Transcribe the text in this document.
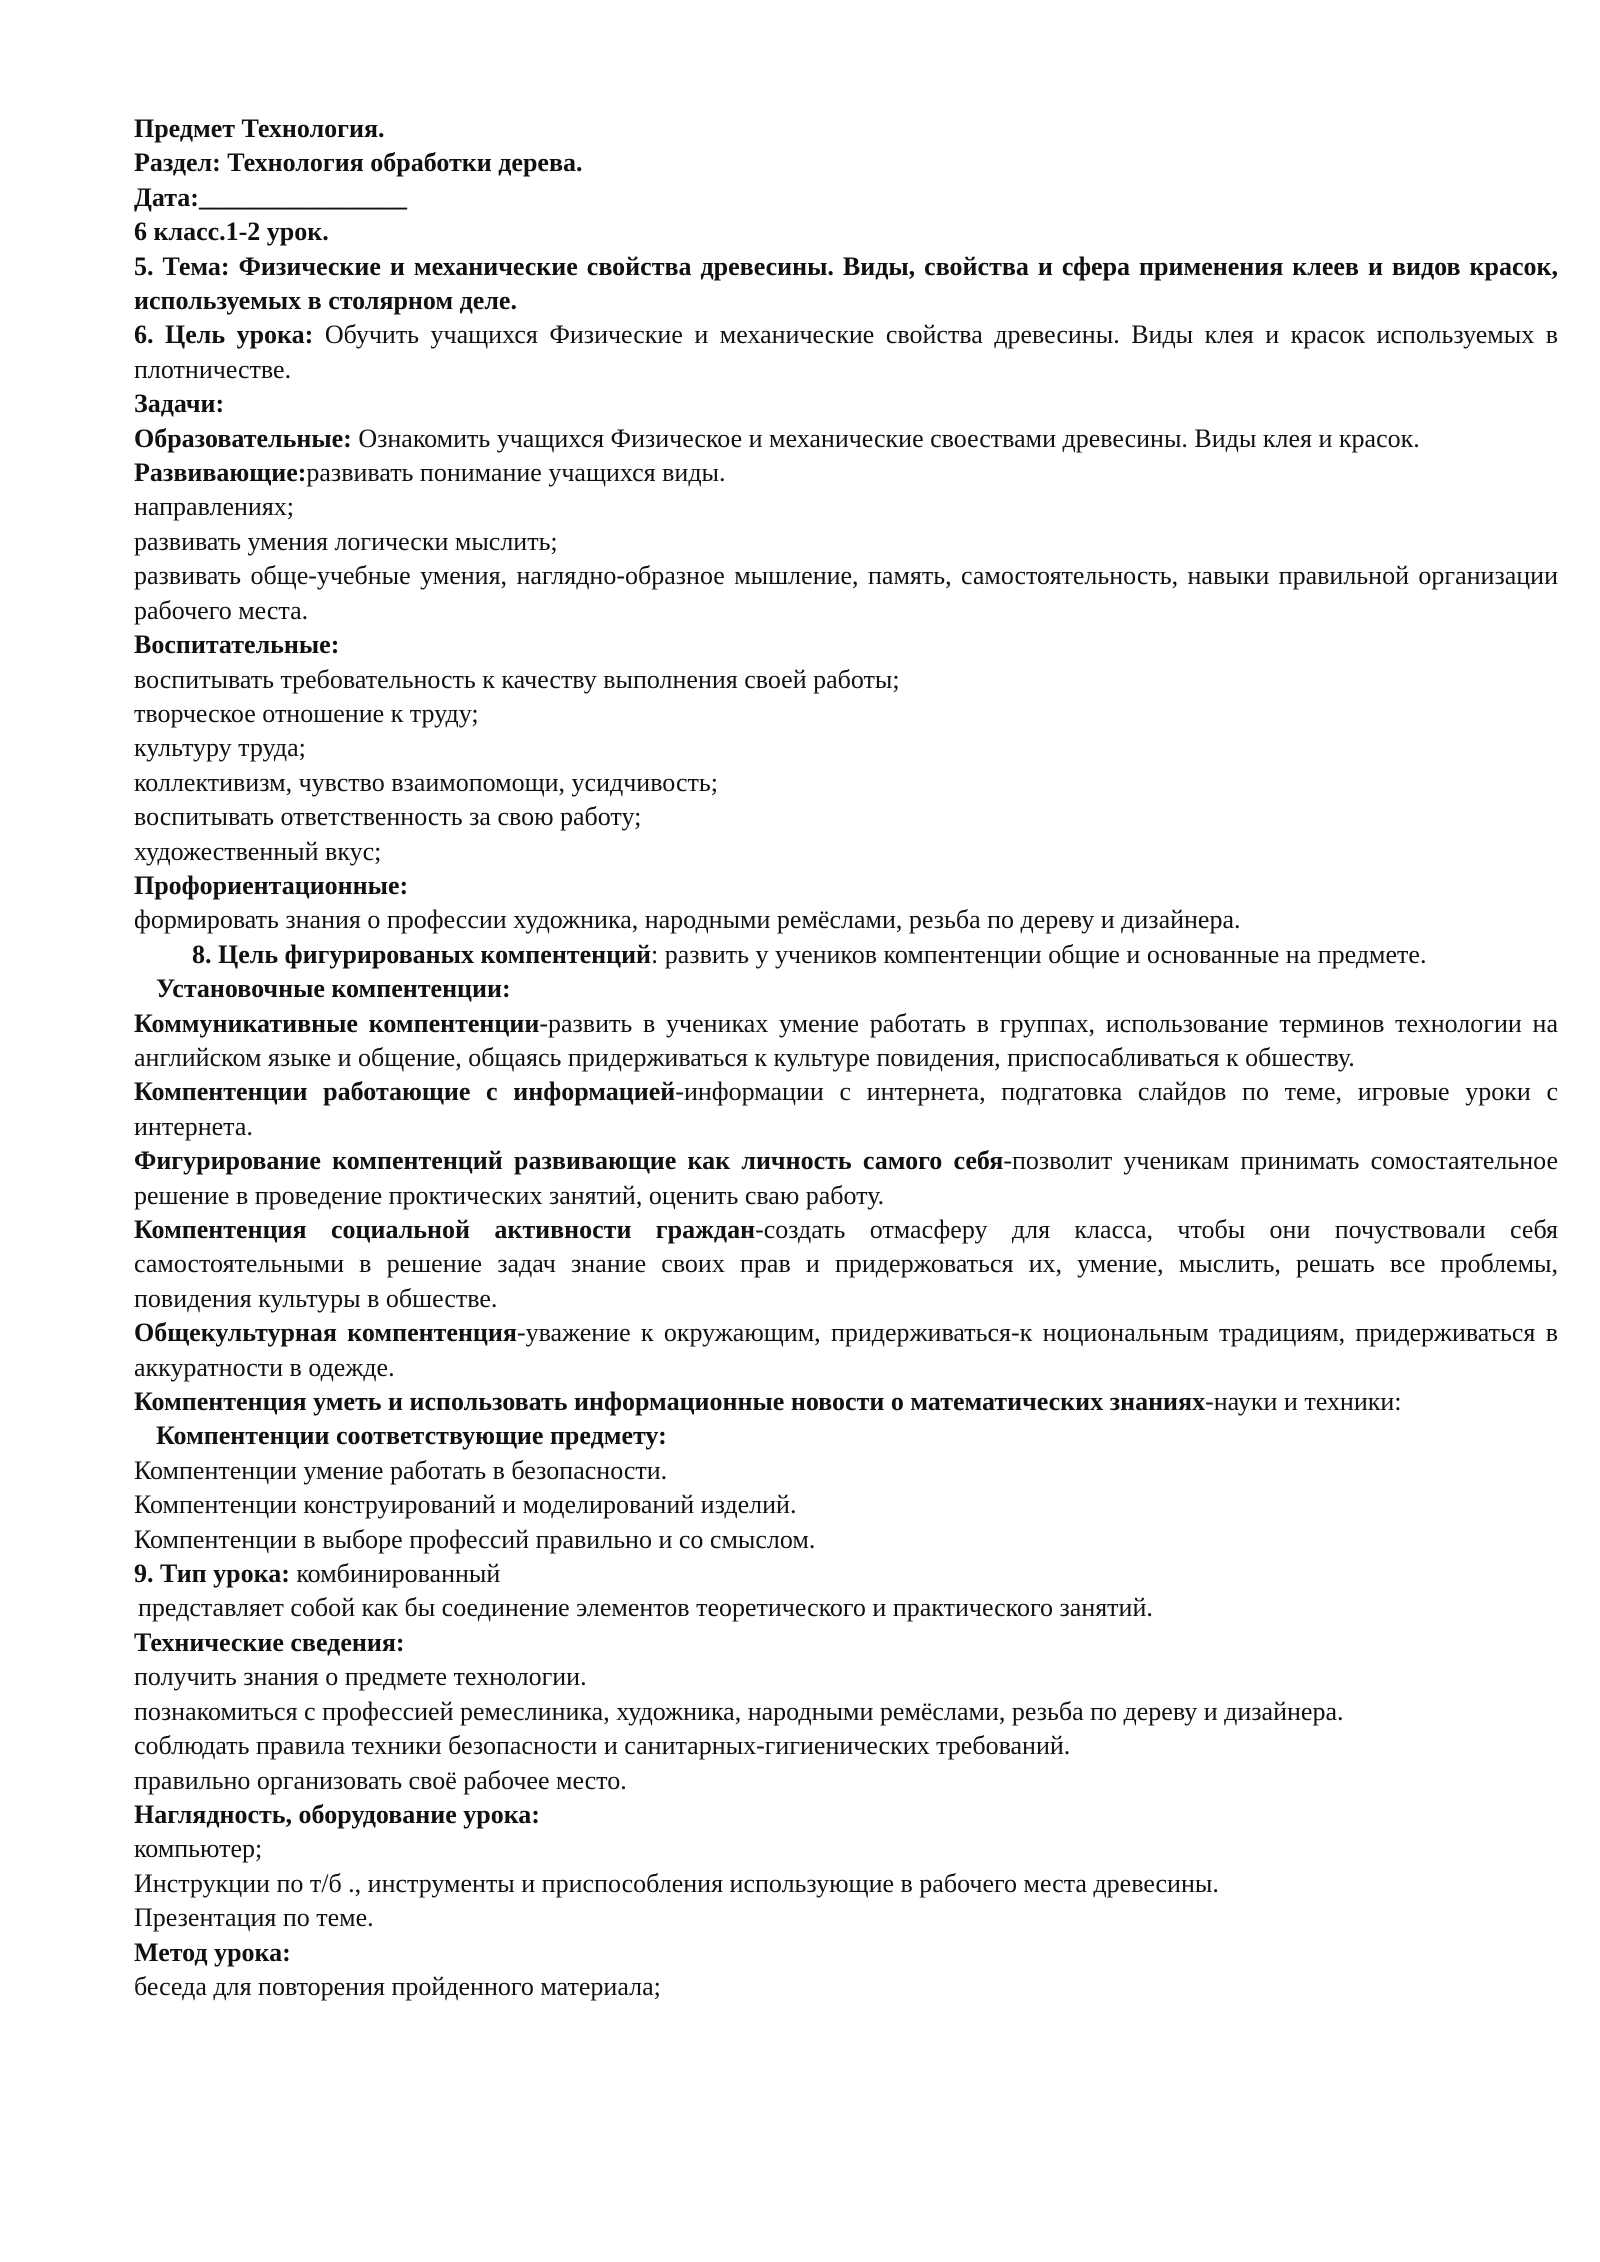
Предмет Технология.

Раздел: Технология обработки дерева.

Дата:________________

6 класс.1-2 урок.

5. Тема: Физические и механические свойства древесины. Виды, свойства и сфера применения клеев и видов красок, используемых в столярном деле.

6. Цель урока: Обучить учащихся Физические и механические свойства древесины. Виды клея и красок используемых в плотничестве.

Задачи:

Образовательные: Ознакомить учащихся Физическое и механические своествами древесины. Виды клея и красок.

Развивающие:развивать понимание учащихся виды.

направлениях;

развивать умения логически мыслить;

развивать обще-учебные умения, наглядно-образное мышление, память, самостоятельность, навыки правильной организации рабочего места.

Воспитательные:

воспитывать требовательность к качеству выполнения своей работы;

творческое отношение к труду;

культуру труда;

коллективизм, чувство взаимопомощи, усидчивость;

воспитывать ответственность за свою работу;

художественный вкус;

Профориентационные:

формировать знания о профессии художника, народными ремёслами, резьба по дереву и дизайнера.

8. Цель фигурированых компентенций: развить у учеников компентенции общие и основанные на предмете.

Установочные компентенции:

Коммуникативные компентенции-развить в учениках умение работать в группах, использование терминов технологии на английском языке и общение, общаясь придерживаться к культуре повидения, приспосабливаться к обшеству.

Компентенции работающие с информацией-информации с интернета, подгатовка слайдов по теме, игровые уроки с интернета.

Фигурирование компентенций развивающие как личность самого себя-позволит ученикам принимать сомостаятельное решение в проведение проктических занятий, оценить сваю работу.

Компентенция социальной активности граждан-создать отмасферу для класса, чтобы они почуствовали себя самостоятельными в решение задач знание своих прав и придержоваться их, умение, мыслить, решать все проблемы, повидения культуры в обшестве.

Общекультурная компентенция-уважение к окружающим, придерживаться-к нoциональным традициям, придерживаться в аккуратности в одежде.

Компентенция уметь и использовать информационные новости о математических знаниях-науки и техники:

Компентенции соответствующие предмету:

Компентенции умение работать в безопасности.

Компентенции конструирований и моделирований изделий.

Компентенции в выборе профессий правильно и со смыслом.

9. Тип урока: комбинированный

представляет собой как бы соединение элементов теоретического и практического занятий.

Технические сведения:

получить знания о предмете технологии.

познакомиться с профессией ремеслиника, художника, народными ремёслами, резьба по дереву и дизайнера.

соблюдать правила техники безопасности и санитарных-гигиенических требований.

правильно организовать своё рабочее место.

Наглядность, оборудование урока:

компьютер;

Инструкции по т/б ., инструменты и приспособления использующие в рабочего места древесины.

Презентация по теме.

Метод урока:

беседа для повторения пройденного материала;
